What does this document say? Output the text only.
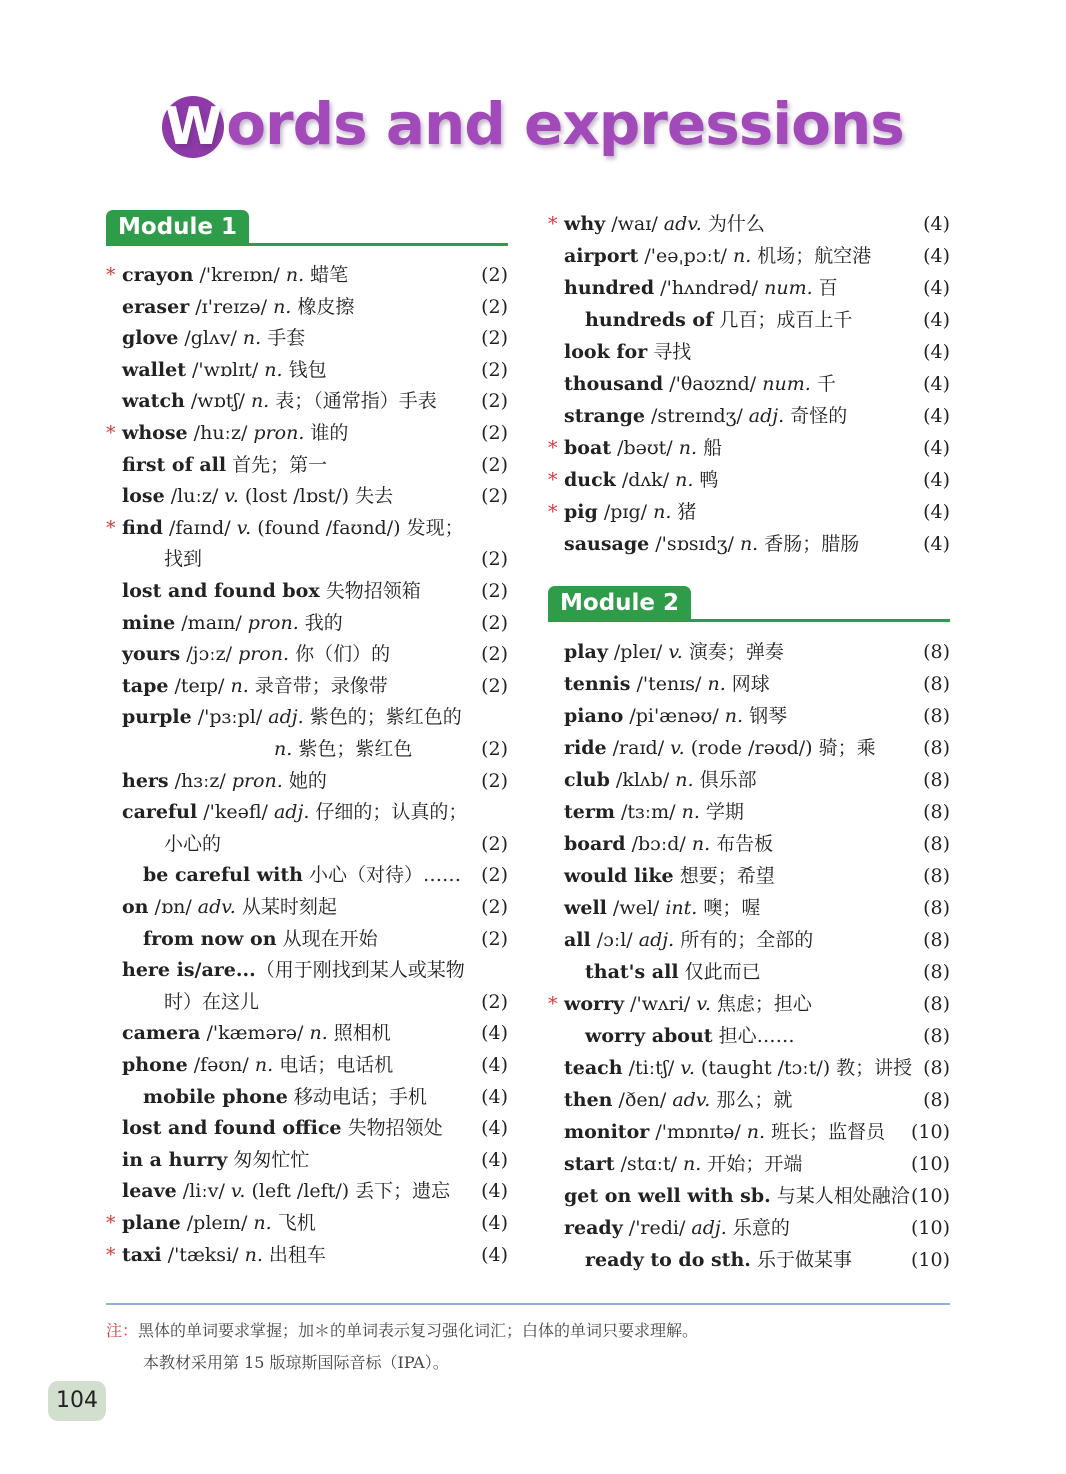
Words and expressions
Module 1
Module 2
* crayon /'kreɪɒn/ n. 蜡笔	(2)
eraser /ɪ'reɪzə/ n. 橡皮擦	(2)
glove /glʌv/ n. 手套	(2)
wallet /'wɒlɪt/ n. 钱包	(2)
watch /wɒtʃ/ n. 表；（通常指）手表 (2)
* whose /huːz/ pron. 谁的	(2)
first of all 首先；第一	(2)
lose /luːz/ v. (lost /lɒst/) 失去	(2)
* find /faɪnd/ v. (found /faʊnd/) 发现；
找到	(2)
lost and found box 失物招领箱	(2)
mine /maɪn/ pron. 我的	(2)
yours /jɔːz/ pron. 你（们）的	(2)
tape /teɪp/ n. 录音带；录像带	(2)
purple /'pɜːpl/ adj. 紫色的；紫红色的
n. 紫色；紫红色	(2)
hers /hɜːz/ pron. 她的	(2)
careful /'keəfl/ adj. 仔细的；认真的；
小心的	(2)
be careful with 小心（对待）…… (2)
on /ɒn/ adv. 从某时刻起	(2)
from now on 从现在开始	(2)
here is/are...（用于刚找到某人或某物
时）在这儿	(2)
camera /'kæmərə/ n. 照相机	(4)
phone /fəʊn/ n. 电话；电话机	(4)
mobile phone 移动电话；手机	(4)
lost and found office 失物招领处 (4)
in a hurry 匆匆忙忙	(4)
leave /liːv/ v. (left /left/) 丢下；遗忘 (4)
* plane /pleɪn/ n. 飞机	(4)
* taxi /'tæksi/ n. 出租车	(4)
* why /waɪ/ adv. 为什么	(4)
airport /'eəˌpɔːt/ n. 机场；航空港	(4)
hundred /'hʌndrəd/ num. 百	(4)
hundreds of 几百；成百上千	(4)
look for 寻找	(4)
thousand /'θaʊznd/ num. 千	(4)
strange /streɪndʒ/ adj. 奇怪的	(4)
* boat /bəʊt/ n. 船	(4)
* duck /dʌk/ n. 鸭	(4)
* pig /pɪg/ n. 猪	(4)
sausage /'sɒsɪdʒ/ n. 香肠；腊肠	(4)
play /pleɪ/ v. 演奏；弹奏	(8)
tennis /'tenɪs/ n. 网球	(8)
piano /pi'ænəʊ/ n. 钢琴	(8)
ride /raɪd/ v. (rode /rəʊd/) 骑；乘 (8)
club /klʌb/ n. 俱乐部	(8)
term /tɜːm/ n. 学期	(8)
board /bɔːd/ n. 布告板	(8)
would like 想要；希望	(8)
well /wel/ int. 噢；喔	(8)
all /ɔːl/ adj. 所有的；全部的	(8)
that's all 仅此而已	(8)
* worry /'wʌri/ v. 焦虑；担心	(8)
worry about 担心……	(8)
teach /tiːtʃ/ v. (taught /tɔːt/) 教；讲授 (8)
then /ðen/ adv. 那么；就	(8)
monitor /'mɒnɪtə/ n. 班长；监督员 (10)
start /stɑːt/ n. 开始；开端	(10)
get on well with sb. 与某人相处融洽 (10)
ready /'redi/ adj. 乐意的	(10)
ready to do sth. 乐于做某事	(10)
注：黑体的单词要求掌握；加＊的单词表示复习强化词汇；白体的单词只要求理解。
本教材采用第 15 版琼斯国际音标（IPA）。
104
